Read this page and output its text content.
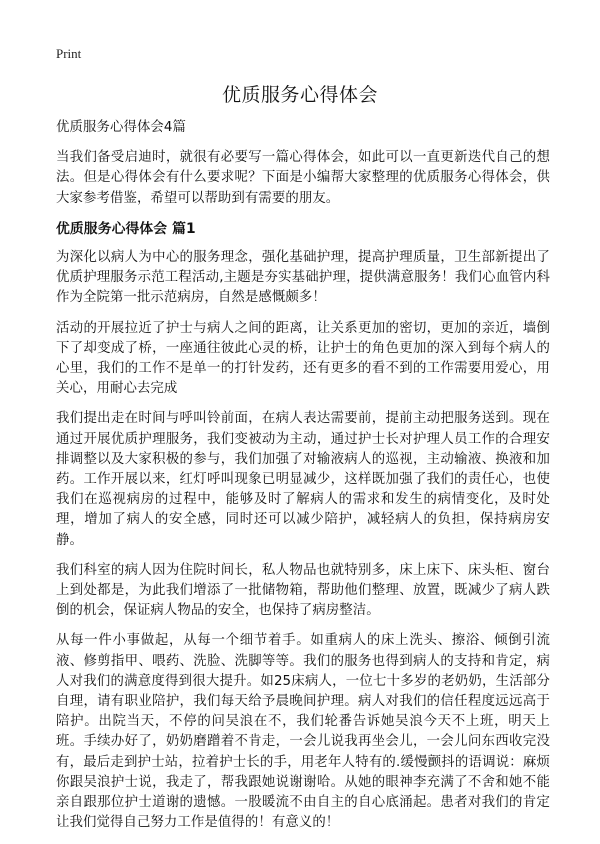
Print
优质服务心得体会

优质服务心得体会4篇

当我们备受启迪时，就很有必要写一篇心得体会，如此可以一直更新迭代自己的想法。但是心得体会有什么要求呢？下面是小编帮大家整理的优质服务心得体会，供大家参考借鉴，希望可以帮助到有需要的朋友。

优质服务心得体会 篇1

为深化以病人为中心的服务理念，强化基础护理，提高护理质量，卫生部新提出了优质护理服务示范工程活动,主题是夯实基础护理，提供满意服务！我们心血管内科作为全院第一批示范病房，自然是感慨颇多！

活动的开展拉近了护士与病人之间的距离，让关系更加的密切，更加的亲近，墙倒下了却变成了桥，一座通往彼此心灵的桥，让护士的角色更加的深入到每个病人的心里，我们的工作不是单一的打针发药，还有更多的看不到的工作需要用爱心，用关心，用耐心去完成

我们提出走在时间与呼叫铃前面，在病人表达需要前，提前主动把服务送到。现在通过开展优质护理服务，我们变被动为主动，通过护士长对护理人员工作的合理安排调整以及大家积极的参与，我们加强了对输液病人的巡视，主动输液、换液和加药。工作开展以来，红灯呼叫现象已明显减少，这样既加强了我们的责任心，也使我们在巡视病房的过程中，能够及时了解病人的需求和发生的病情变化，及时处理，增加了病人的安全感，同时还可以减少陪护，减轻病人的负担，保持病房安静。

我们科室的病人因为住院时间长，私人物品也就特别多，床上床下、床头柜、窗台上到处都是，为此我们增添了一批储物箱，帮助他们整理、放置，既减少了病人跌倒的机会，保证病人物品的安全，也保持了病房整洁。

从每一件小事做起，从每一个细节着手。如重病人的床上洗头、擦浴、倾倒引流液、修剪指甲、喂药、洗脸、洗脚等等。我们的服务也得到病人的支持和肯定，病人对我们的满意度得到很大提升。如25床病人，一位七十多岁的老奶奶，生活部分自理，请有职业陪护，我们每天给予晨晚间护理。病人对我们的信任程度远远高于陪护。出院当天，不停的问吴浪在不，我们轮番告诉她吴浪今天不上班，明天上班。手续办好了，奶奶磨蹭着不肯走，一会儿说我再坐会儿，一会儿问东西收完没有，最后走到护士站，拉着护士长的手，用老年人特有的.缓慢颤抖的语调说：麻烦你跟吴浪护士说，我走了，帮我跟她说谢谢哈。从她的眼神李充满了不舍和她不能亲自跟那位护士道谢的遗憾。一股暖流不由自主的自心底涌起。患者对我们的肯定让我们觉得自己努力工作是值得的！有意义的！
